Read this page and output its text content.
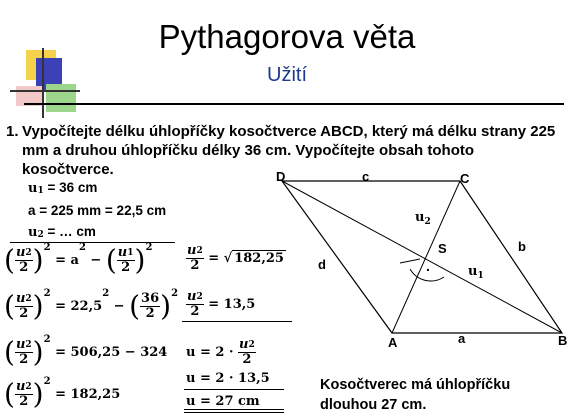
Pythagorova věta
Užití
1. Vypočítejte délku úhlopříčky kosočtverce ABCD, který má délku strany 225 mm a druhou úhlopříčku délky 36 cm. Vypočítejte obsah tohoto kosočtverce.
u1 = 36 cm
a = 225 mm = 22,5 cm
u2 = … cm
( $\frac{u2}{2} )^2 = a^2$ − ( $\frac{u1}{2} )^2$
( $\frac{u2}{2} )^2 = 22,5^2$ − ( $\frac{36}{2} )^2$
( $\frac{u2}{2} )^2 = 506,25 - 324$
( $\frac{u2}{2} )^2 = 182,25$
$\frac{u2}{2}$ = √ 182,25
$\frac{u2}{2} = 13,5$
$u = 2 \cdot \frac{u2}{2}$
u = 2 · 13,5
u = 27 cm
Kosočtverec má úhlopříčku dlouhou 27 cm.
.
D	C
A	B
c
b
d
a
S
$u_2$
$u_1$
